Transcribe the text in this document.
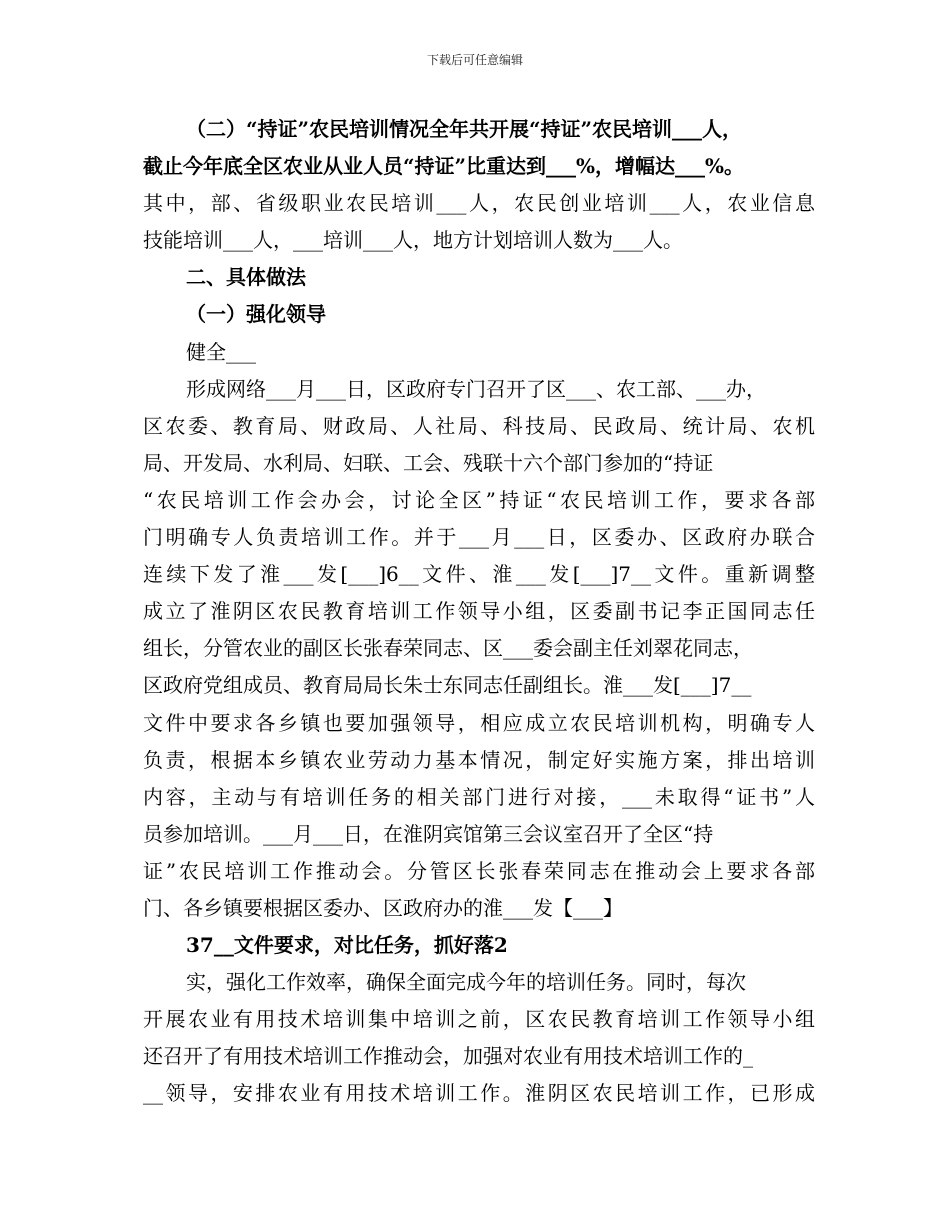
下载后可任意编辑
（二）“持证”农民培训情况全年共开展“持证”农民培训___人，
截止今年底全区农业从业人员“持证”比重达到___%，增幅达___%。
其中，部、省级职业农民培训___人，农民创业培训___人，农业信息
技能培训___人，___培训___人，地方计划培训人数为___人。
二、具体做法
（一）强化领导
健全___
形成网络___月___日，区政府专门召开了区___、农工部、___办，
区农委、教育局、财政局、人社局、科技局、民政局、统计局、农机
局、开发局、水利局、妇联、工会、残联十六个部门参加的“持证
“农民培训工作会办会，讨论全区”持证“农民培训工作，要求各部
门明确专人负责培训工作。并于___月___日，区委办、区政府办联合
连续下发了淮___发[___]6__文件、淮___发[___]7__文件。重新调整
成立了淮阴区农民教育培训工作领导小组，区委副书记李正国同志任
组长，分管农业的副区长张春荣同志、区___委会副主任刘翠花同志，
区政府党组成员、教育局局长朱士东同志任副组长。淮___发[___]7__
文件中要求各乡镇也要加强领导，相应成立农民培训机构，明确专人
负责，根据本乡镇农业劳动力基本情况，制定好实施方案，排出培训
内容，主动与有培训任务的相关部门进行对接，___未取得“证书”人
员参加培训。___月___日，在淮阴宾馆第三会议室召开了全区“持
证”农民培训工作推动会。分管区长张春荣同志在推动会上要求各部
门、各乡镇要根据区委办、区政府办的淮___发【___】
37__文件要求，对比任务，抓好落2
实，强化工作效率，确保全面完成今年的培训任务。同时，每次
开展农业有用技术培训集中培训之前，区农民教育培训工作领导小组
还召开了有用技术培训工作推动会，加强对农业有用技术培训工作的_
__领导，安排农业有用技术培训工作。淮阴区农民培训工作，已形成
